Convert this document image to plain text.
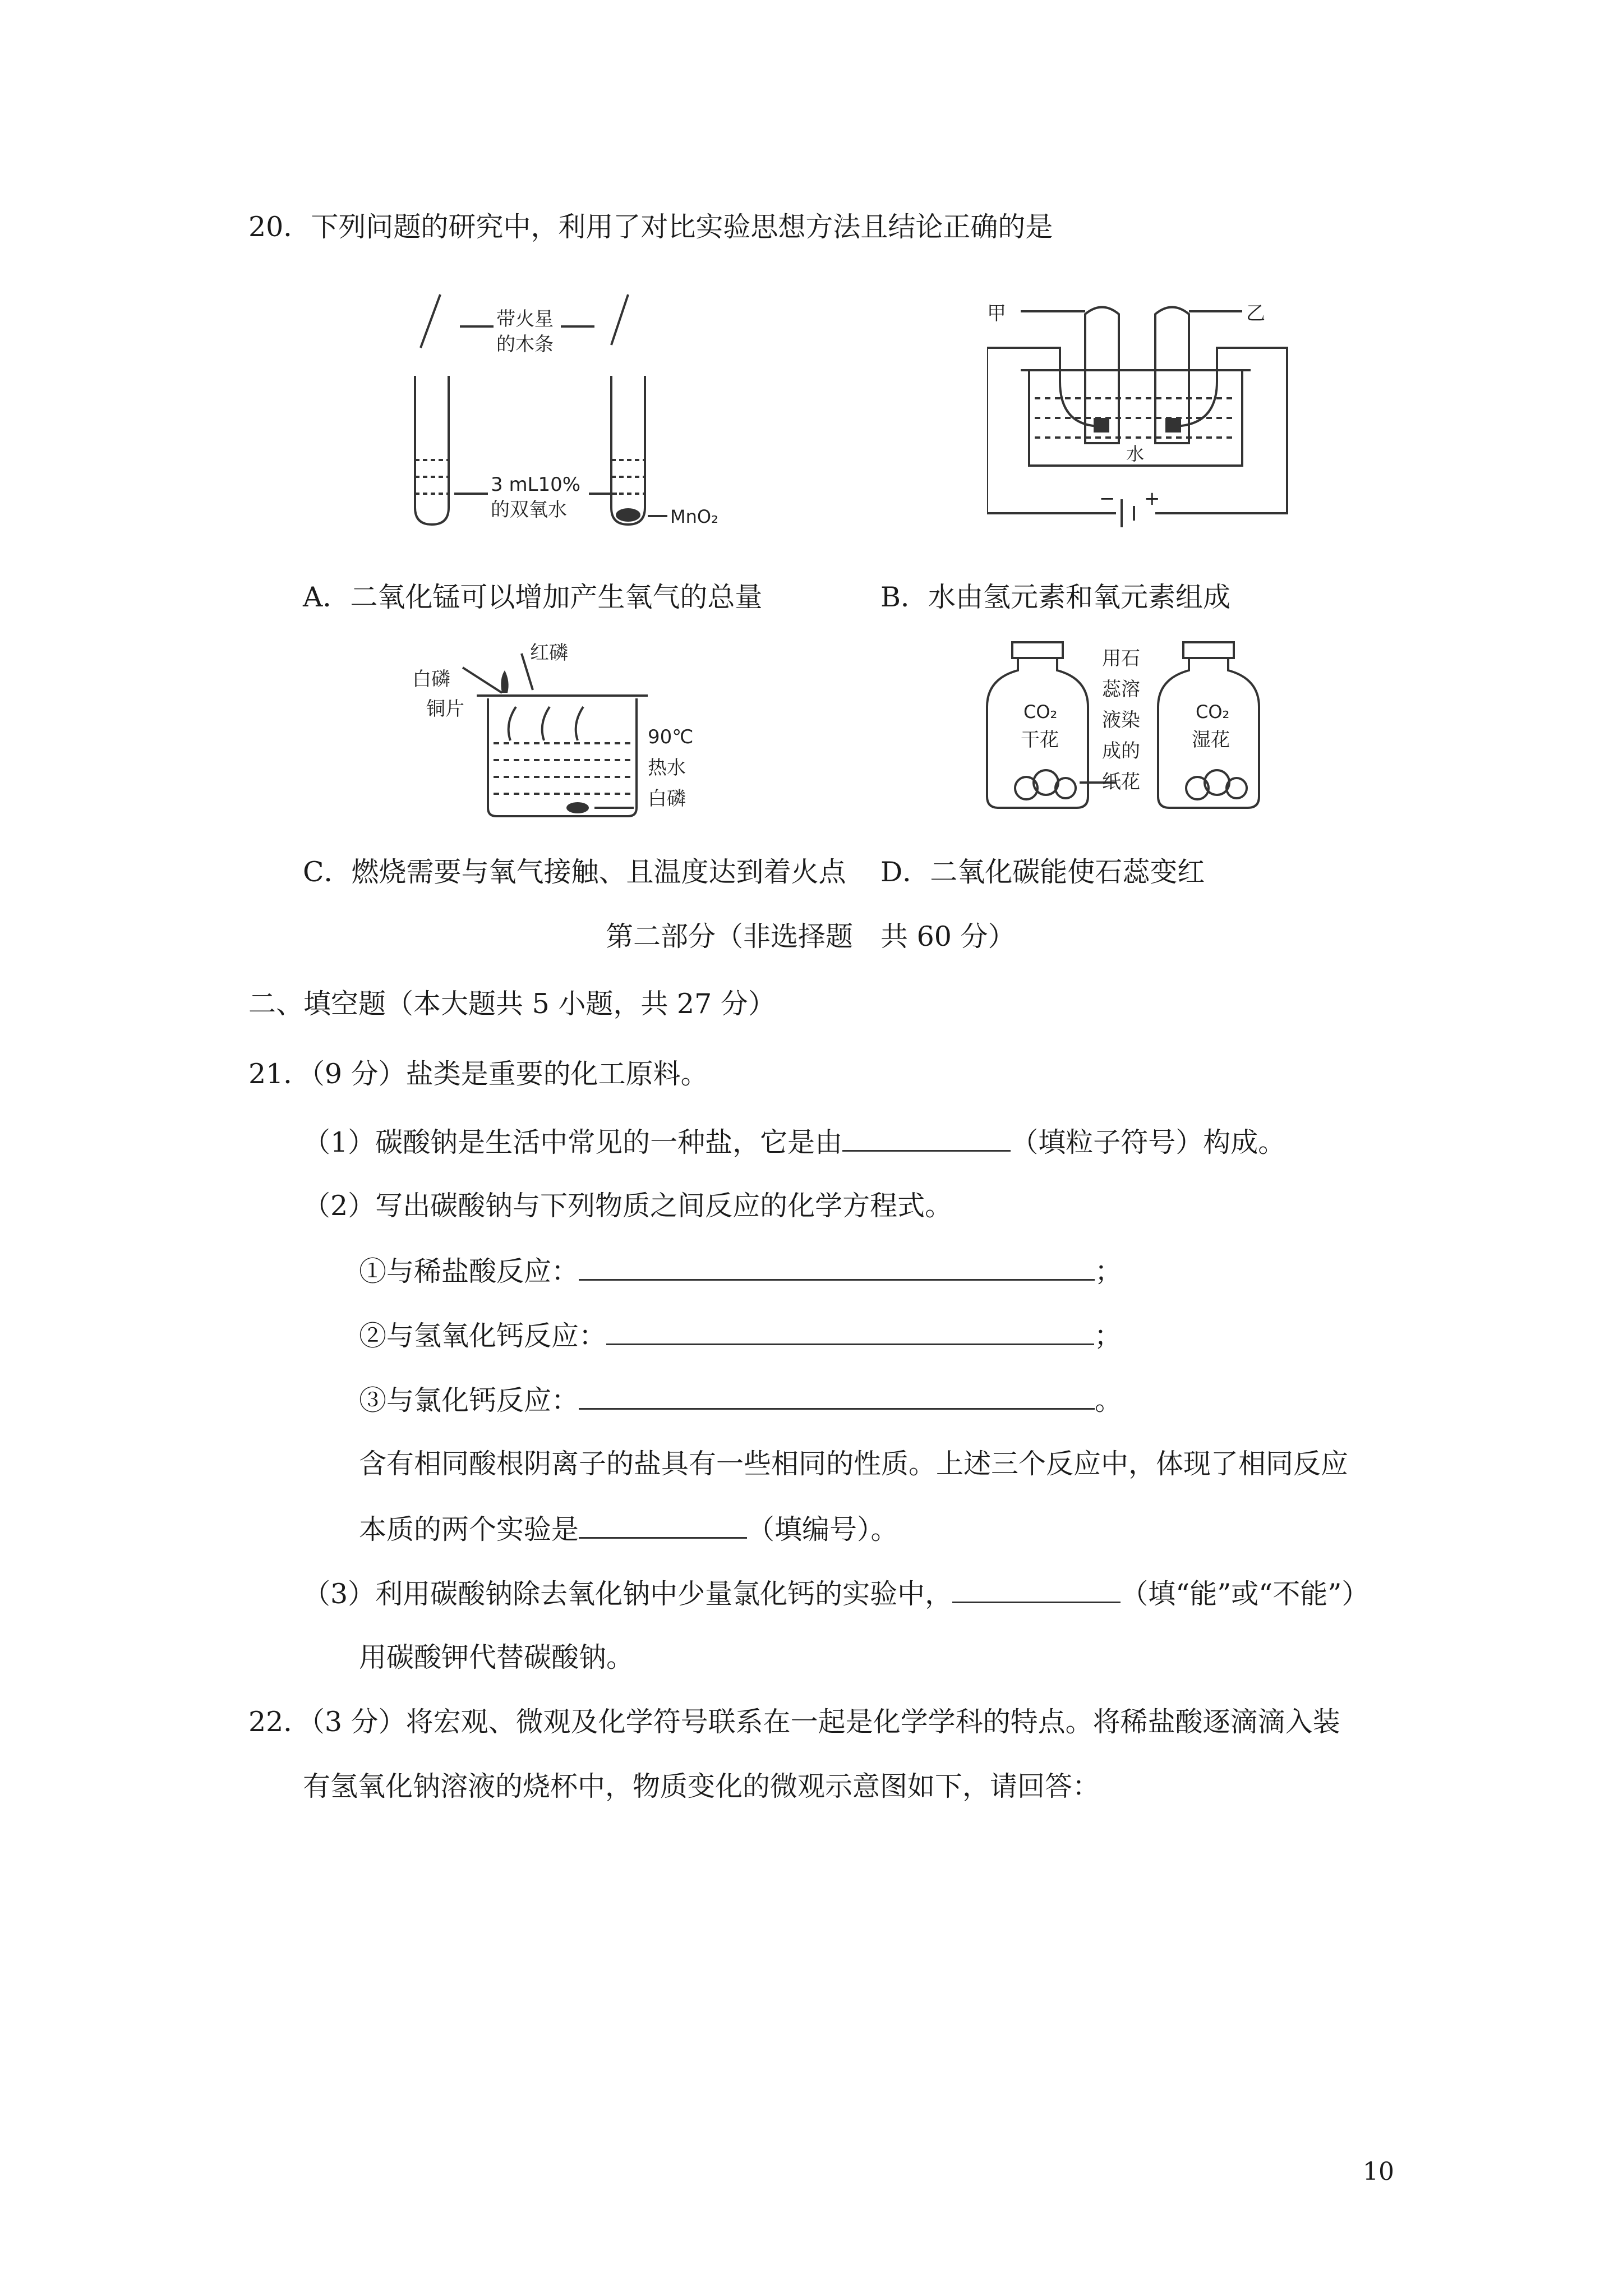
20．下列问题的研究中，利用了对比实验思想方法且结论正确的是
带火星
的木条
3 mL10%
的双氧水	MnO₂
甲	乙
水
− +
A．二氧化锰可以增加产生氧气的总量	B．水由氢元素和氧元素组成
红磷
白磷
铜片
90℃
热水
白磷
CO₂
干花
CO₂
湿花
用石
蕊溶
液染
成的
纸花
C．燃烧需要与氧气接触、且温度达到着火点 D．二氧化碳能使石蕊变红
第二部分（非选择题　共 60 分）
二、填空题（本大题共 5 小题，共 27 分）
21．（9 分）盐类是重要的化工原料。
（1）碳酸钠是生活中常见的一种盐，它是由	（填粒子符号）构成。
（2）写出碳酸钠与下列物质之间反应的化学方程式。
①与稀盐酸反应：	；
②与氢氧化钙反应：	；
③与氯化钙反应：	。
含有相同酸根阴离子的盐具有一些相同的性质。上述三个反应中，体现了相同反应
本质的两个实验是	（填编号）。
（3）利用碳酸钠除去氧化钠中少量氯化钙的实验中，	（填“能”或“不能”）
用碳酸钾代替碳酸钠。
22．（3 分）将宏观、微观及化学符号联系在一起是化学学科的特点。将稀盐酸逐滴滴入装
有氢氧化钠溶液的烧杯中，物质变化的微观示意图如下，请回答：
10
